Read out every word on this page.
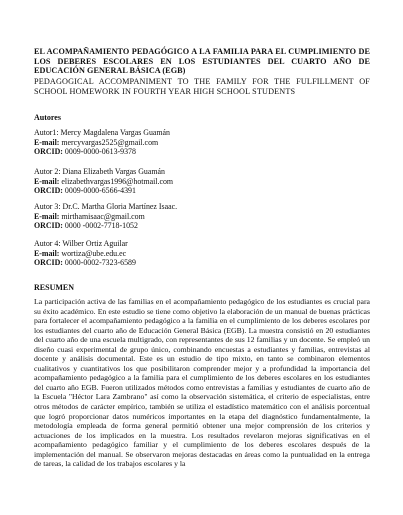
EL ACOMPAÑAMIENTO PEDAGÓGICO A LA FAMILIA PARA EL CUMPLIMIENTO DE LOS DEBERES ESCOLARES EN LOS ESTUDIANTES DEL CUARTO AÑO DE EDUCACIÓN GENERAL BÁSICA (EGB)
PEDAGOGICAL ACCOMPANIMENT TO THE FAMILY FOR THE FULFILLMENT OF SCHOOL HOMEWORK IN FOURTH YEAR HIGH SCHOOL STUDENTS
Autores
Autor1: Mercy Magdalena Vargas Guamán
E-mail: mercyvargas2525@gmail.com
ORCID: 0009-0000-0613-9378
Autor 2: Diana Elizabeth Vargas Guamán
E-mail: elizabethvargas1996@hotmail.com
ORCID: 0009-0000-6566-4391
Autor 3: Dr.C. Martha Gloria Martínez Isaac.
E-mail: mirthamisaac@gmail.com
ORCID: 0000 -0002-7718-1052
Autor 4: Wilber Ortiz Aguilar
E-mail: wortiza@ube.edu.ec
ORCID: 0000-0002-7323-6589
RESUMEN
La participación activa de las familias en el acompañamiento pedagógico de los estudiantes es crucial para su éxito académico. En este estudio se tiene como objetivo la elaboración de un manual de buenas prácticas para fortalecer el acompañamiento pedagógico a la familia en el cumplimiento de los deberes escolares por los estudiantes del cuarto año de Educación General Básica (EGB). La muestra consistió en 20 estudiantes del cuarto año de una escuela multigrado, con representantes de sus 12 familias y un docente. Se empleó un diseño cuasi experimental de grupo único, combinando encuestas a estudiantes y familias, entrevistas al docente y análisis documental. Este es un estudio de tipo mixto, en tanto se combinaron elementos cualitativos y cuantitativos los que posibilitaron comprender mejor y a profundidad la importancia del acompañamiento pedagógico a la familia para el cumplimiento de los deberes escolares en los estudiantes del cuarto año EGB. Fueron utilizados métodos como entrevistas a familias y estudiantes de cuarto año de la Escuela "Héctor Lara Zambrano" así como la observación sistemática, el criterio de especialistas, entre otros métodos de carácter empírico, también se utiliza el estadístico matemático con el análisis porcentual que logró proporcionar datos numéricos importantes en la etapa del diagnóstico fundamentalmente, la metodología empleada de forma general permitió obtener una mejor comprensión de los criterios y actuaciones de los implicados en la muestra. Los resultados revelaron mejoras significativas en el acompañamiento pedagógico familiar y el cumplimiento de los deberes escolares después de la implementación del manual. Se observaron mejoras destacadas en áreas como la puntualidad en la entrega de tareas, la calidad de los trabajos escolares y la
